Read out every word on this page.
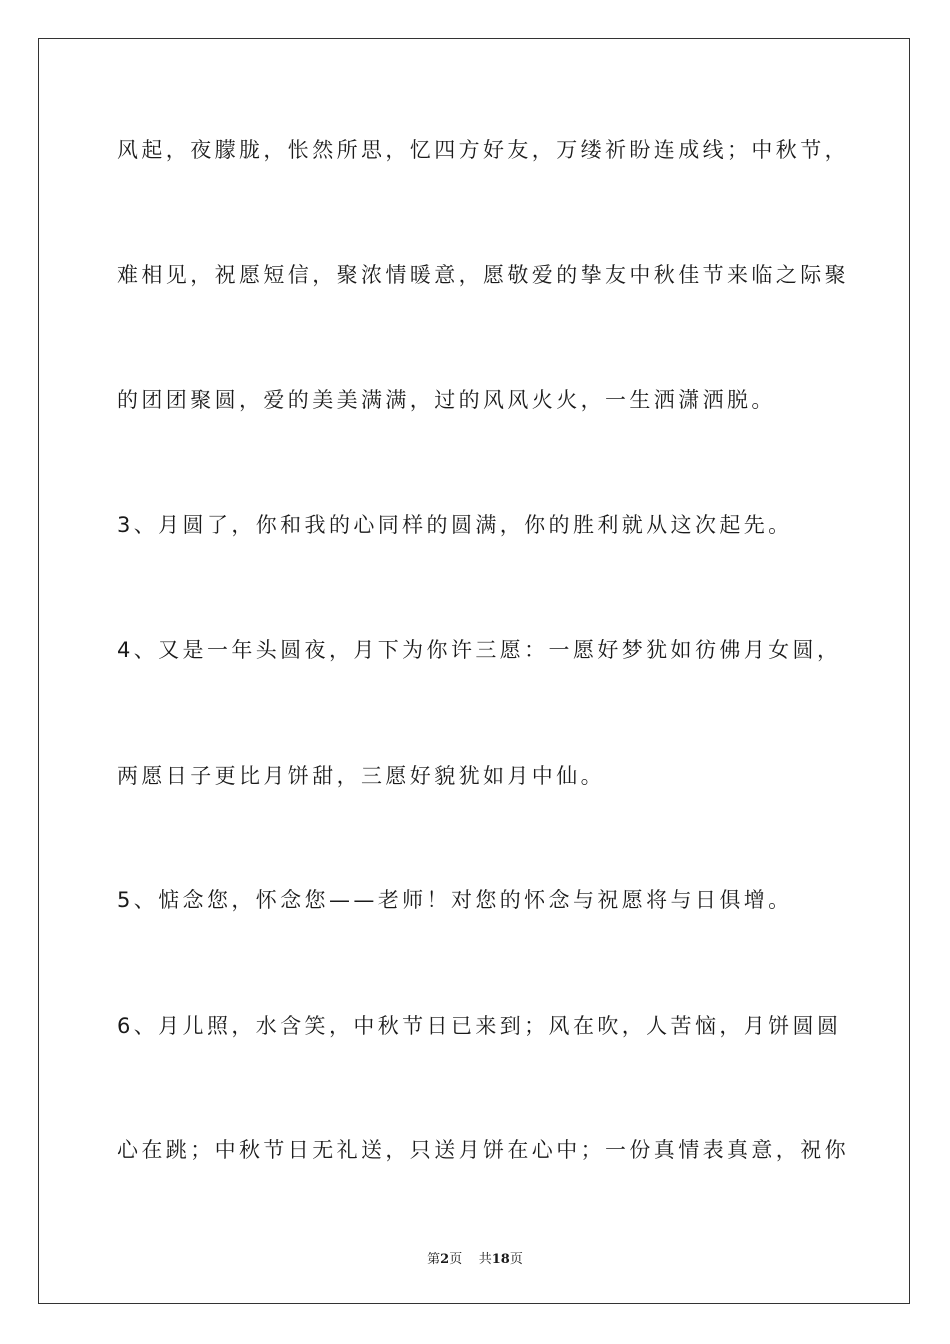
风起，夜朦胧，怅然所思，忆四方好友，万缕祈盼连成线；中秋节，
难相见，祝愿短信，聚浓情暖意，愿敬爱的挚友中秋佳节来临之际聚
的团团聚圆，爱的美美满满，过的风风火火，一生洒潇洒脱。
3、月圆了，你和我的心同样的圆满，你的胜利就从这次起先。
4、又是一年头圆夜，月下为你许三愿：一愿好梦犹如彷佛月女圆，
两愿日子更比月饼甜，三愿好貌犹如月中仙。
5、惦念您，怀念您——老师！对您的怀念与祝愿将与日俱增。
6、月儿照，水含笑，中秋节日已来到；风在吹，人苦恼，月饼圆圆
心在跳；中秋节日无礼送，只送月饼在心中；一份真情表真意，祝你
第2页 共18页
